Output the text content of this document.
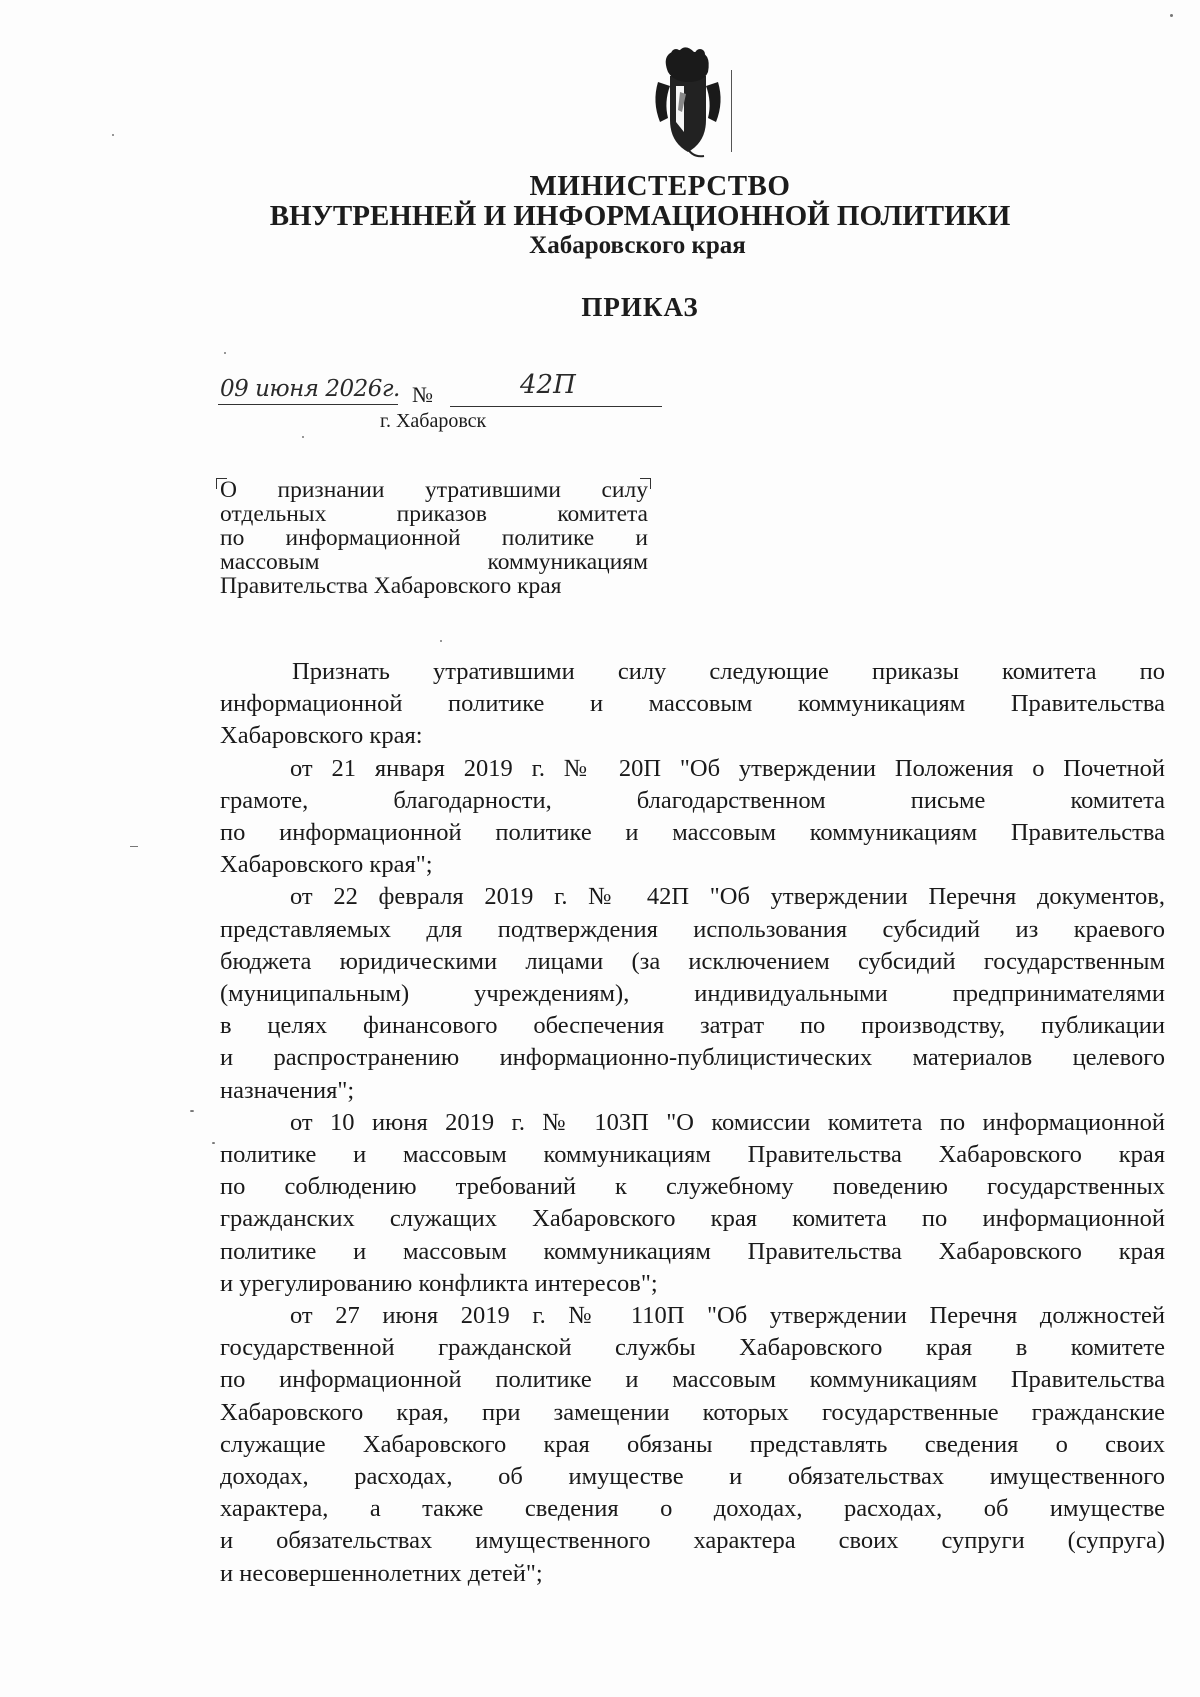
МИНИСТЕРСТВО
ВНУТРЕННЕЙ И ИНФОРМАЦИОННОЙ ПОЛИТИКИ
Хабаровского края
ПРИКАЗ
09 июня 2026г. №	42П
г. Хабаровск
О признании утратившими силу
отдельных приказов комитета
по информационной политике и
массовым коммуникациям
Правительства Хабаровского края
Признать утратившими силу следующие приказы комитета по
информационной политике и массовым коммуникациям Правительства
Хабаровского края:
от 21 января 2019 г. № 20П "Об утверждении Положения о Почетной
грамоте, благодарности, благодарственном письме комитета
по информационной политике и массовым коммуникациям Правительства
Хабаровского края";
от 22 февраля 2019 г. № 42П "Об утверждении Перечня документов,
представляемых для подтверждения использования субсидий из краевого
бюджета юридическими лицами (за исключением субсидий государственным
(муниципальным) учреждениям), индивидуальными предпринимателями
в целях финансового обеспечения затрат по производству, публикации
и распространению информационно-публицистических материалов целевого
назначения";
от 10 июня 2019 г. № 103П "О комиссии комитета по информационной
политике и массовым коммуникациям Правительства Хабаровского края
по соблюдению требований к служебному поведению государственных
гражданских служащих Хабаровского края комитета по информационной
политике и массовым коммуникациям Правительства Хабаровского края
и урегулированию конфликта интересов";
от 27 июня 2019 г. № 110П "Об утверждении Перечня должностей
государственной гражданской службы Хабаровского края в комитете
по информационной политике и массовым коммуникациям Правительства
Хабаровского края, при замещении которых государственные гражданские
служащие Хабаровского края обязаны представлять сведения о своих
доходах, расходах, об имуществе и обязательствах имущественного
характера, а также сведения о доходах, расходах, об имуществе
и обязательствах имущественного характера своих супруги (супруга)
и несовершеннолетних детей";
